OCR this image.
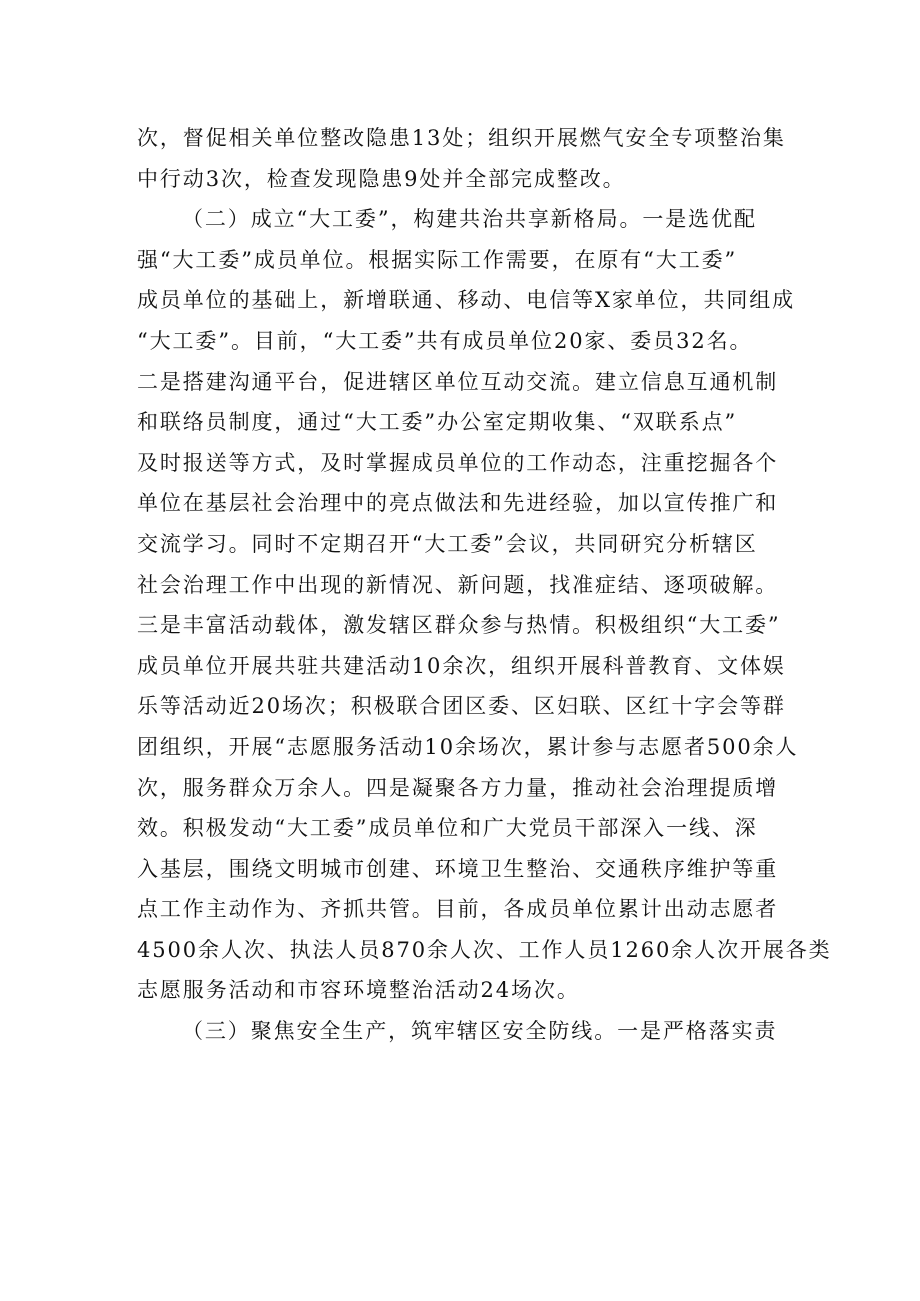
次，督促相关单位整改隐患13处；组织开展燃气安全专项整治集
中行动3次，检查发现隐患9处并全部完成整改。
（二）成立“大工委”，构建共治共享新格局。一是选优配
强“大工委”成员单位。根据实际工作需要，在原有“大工委”
成员单位的基础上，新增联通、移动、电信等X家单位，共同组成
“大工委”。目前，“大工委”共有成员单位20家、委员32名。
二是搭建沟通平台，促进辖区单位互动交流。建立信息互通机制
和联络员制度，通过“大工委”办公室定期收集、“双联系点”
及时报送等方式，及时掌握成员单位的工作动态，注重挖掘各个
单位在基层社会治理中的亮点做法和先进经验，加以宣传推广和
交流学习。同时不定期召开“大工委”会议，共同研究分析辖区
社会治理工作中出现的新情况、新问题，找准症结、逐项破解。
三是丰富活动载体，激发辖区群众参与热情。积极组织“大工委”
成员单位开展共驻共建活动10余次，组织开展科普教育、文体娱
乐等活动近20场次；积极联合团区委、区妇联、区红十字会等群
团组织，开展“志愿服务活动10余场次，累计参与志愿者500余人
次，服务群众万余人。四是凝聚各方力量，推动社会治理提质增
效。积极发动“大工委”成员单位和广大党员干部深入一线、深
入基层，围绕文明城市创建、环境卫生整治、交通秩序维护等重
点工作主动作为、齐抓共管。目前，各成员单位累计出动志愿者
4500余人次、执法人员870余人次、工作人员1260余人次开展各类
志愿服务活动和市容环境整治活动24场次。
（三）聚焦安全生产，筑牢辖区安全防线。一是严格落实责
